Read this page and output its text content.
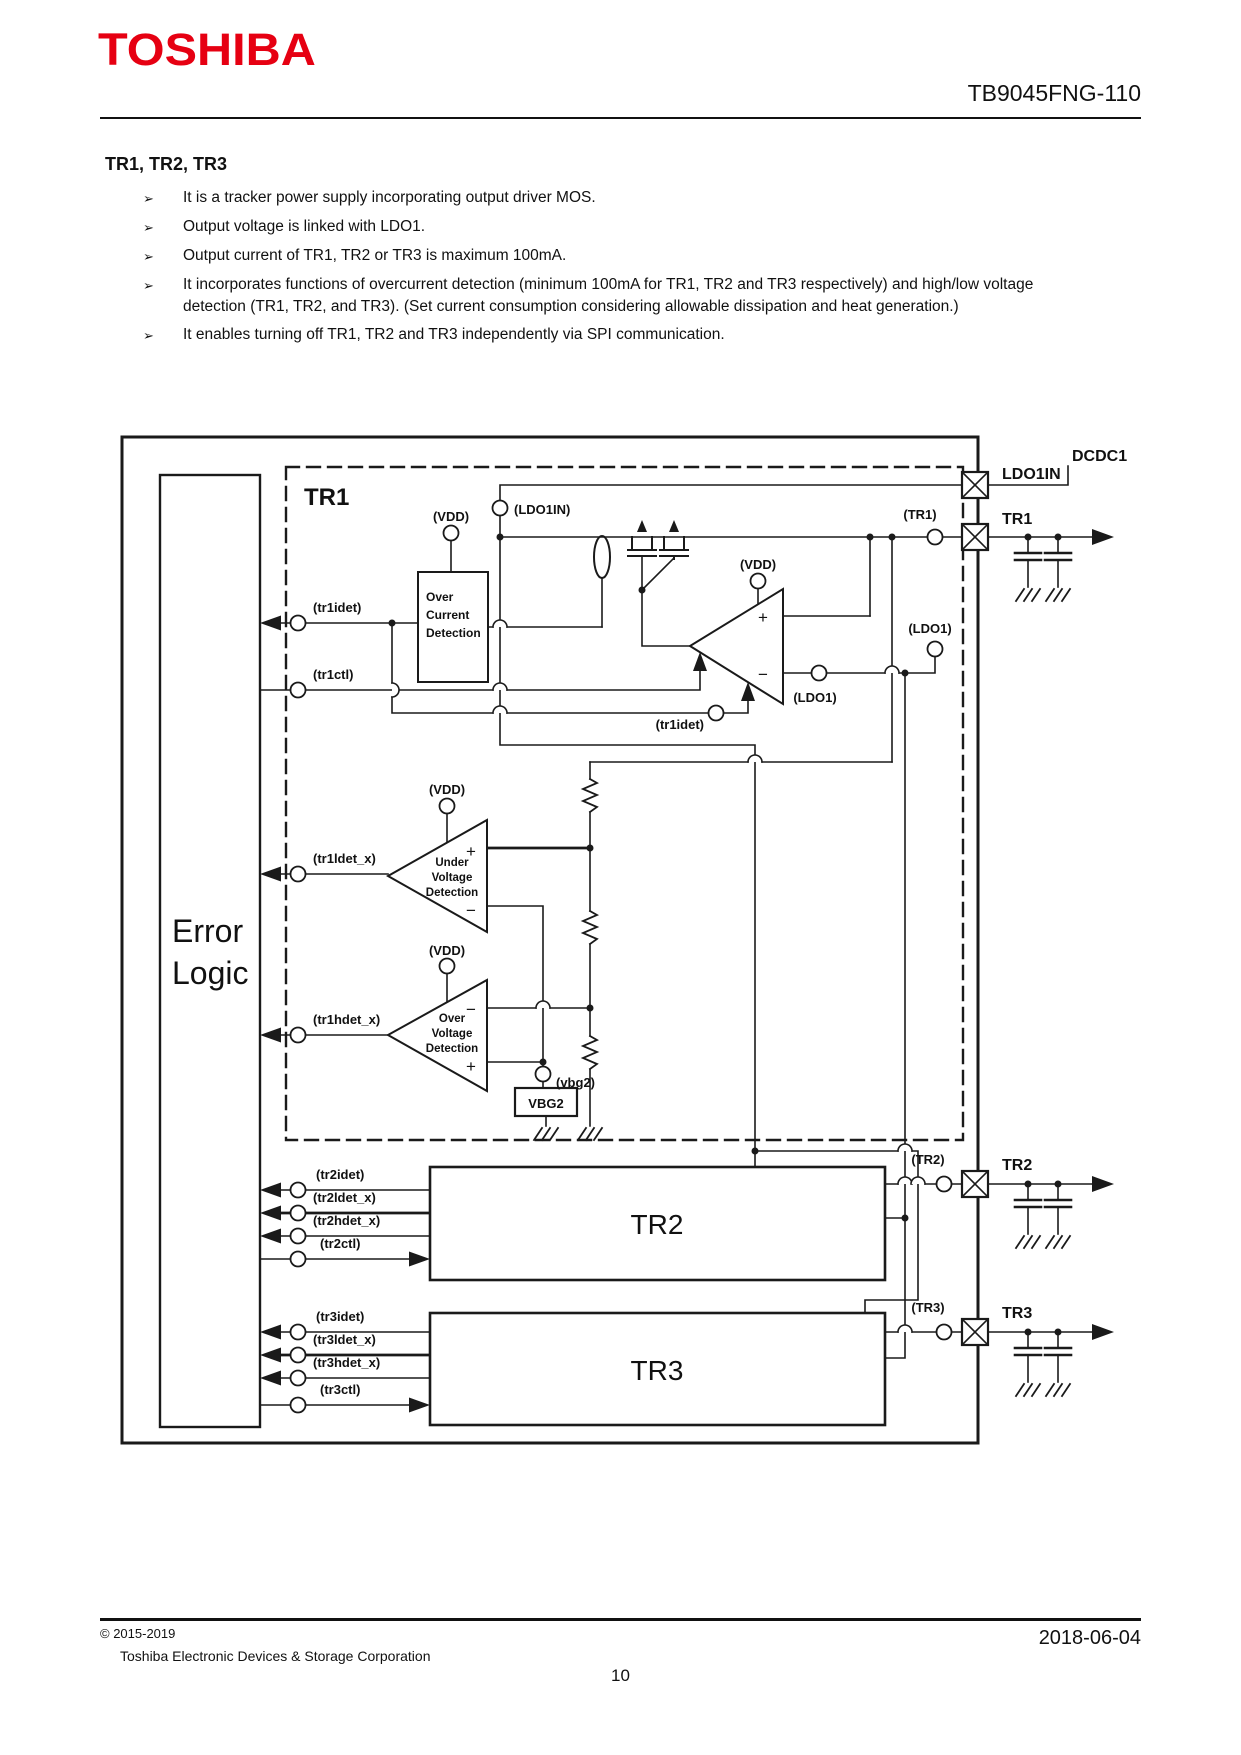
TOSHIBA
TB9045FNG-110
TR1, TR2, TR3
➢	It is a tracker power supply incorporating output driver MOS.
➢	Output voltage is linked with LDO1.
➢	Output current of TR1, TR2 or TR3 is maximum 100mA.
➢	It incorporates functions of overcurrent detection (minimum 100mA for TR1, TR2 and TR3 respectively) and high/low voltage detection (TR1, TR2, and TR3). (Set current consumption considering allowable dissipation and heat generation.)
➢	It enables turning off TR1, TR2 and TR3 independently via SPI communication.
Error
Logic
TR1
Over
Current
Detection
+
−
+
−
Under
Voltage
Detection
−
+
Over
Voltage
Detection
VBG2
TR2
TR3
(LDO1IN)
(VDD)
(VDD)
(VDD)
(VDD)
(tr1idet)
(tr1ctl)
(tr1ldet_x)
(tr1hdet_x)
(tr1idet)
(LDO1)
(LDO1)
(vbg2)
(TR1)
(TR2)
(TR3)
(tr2idet)
(tr2ldet_x)
(tr2hdet_x)
(tr2ctl)
(tr3idet)
(tr3ldet_x)
(tr3hdet_x)
(tr3ctl)
DCDC1
LDO1IN
TR1
TR2
TR3
© 2015-2019
Toshiba Electronic Devices & Storage Corporation
2018-06-04
10
